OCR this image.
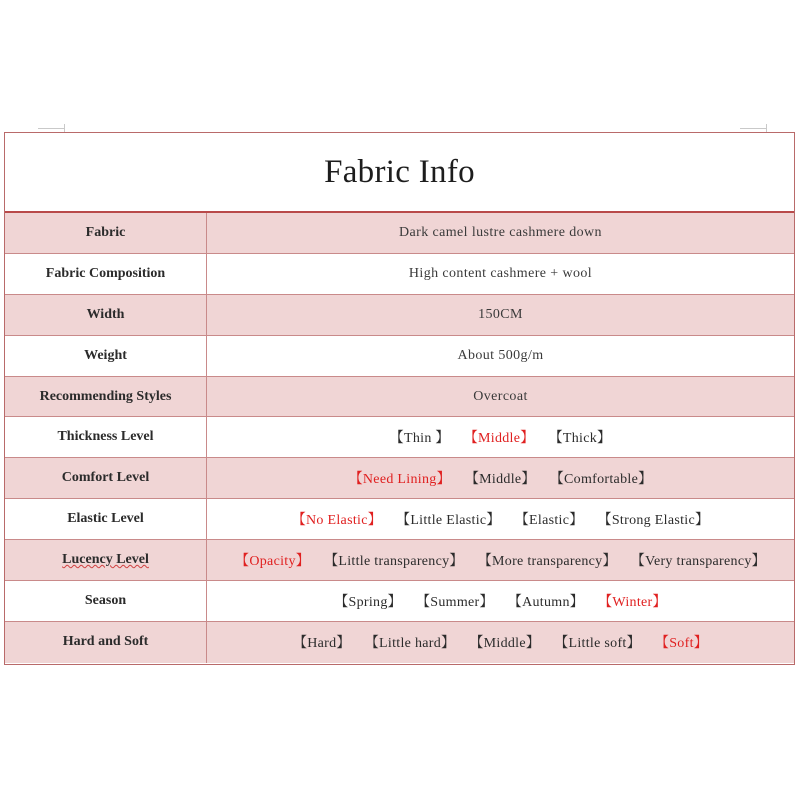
Fabric Info
Fabric	Dark camel lustre cashmere down
Fabric Composition	High content cashmere + wool
Width	150CM
Weight	About 500g/m
Recommending Styles	Overcoat
Thickness Level	【Thin 】 【Middle】 【Thick】
Comfort Level	【Need Lining】 【Middle】 【Comfortable】
Elastic Level	【No Elastic】 【Little Elastic】 【Elastic】 【Strong Elastic】
Lucency Level	【Opacity】 【Little transparency】 【More transparency】 【Very transparency】
Season	【Spring】 【Summer】 【Autumn】 【Winter】
Hard and Soft	【Hard】 【Little hard】 【Middle】 【Little soft】 【Soft】
